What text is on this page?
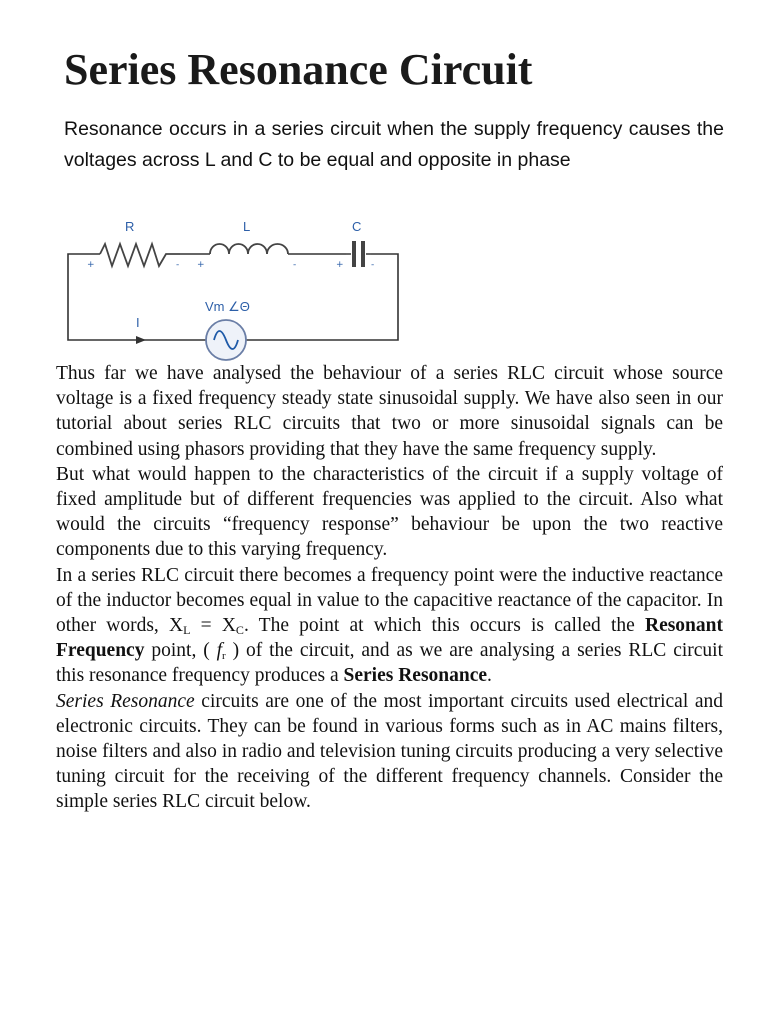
Series Resonance Circuit

Resonance occurs in a series circuit when the supply frequency causes the voltages across L and C to be equal and opposite in phase

R	L	C
I
Vm ∠Θ
+	- +	-	+	-

Thus far we have analysed the behaviour of a series RLC circuit whose source voltage is a fixed frequency steady state sinusoidal supply. We have also seen in our tutorial about series RLC circuits that two or more sinusoidal signals can be combined using phasors providing that they have the same frequency supply.

But what would happen to the characteristics of the circuit if a supply voltage of fixed amplitude but of different frequencies was applied to the circuit. Also what would the circuits “frequency response” behaviour be upon the two reactive components due to this varying frequency.

In a series RLC circuit there becomes a frequency point were the inductive reactance of the inductor becomes equal in value to the capacitive reactance of the capacitor. In other words, $X_L = X_C$. The point at which this occurs is called the Resonant Frequency point, ( $f_r$ ) of the circuit, and as we are analysing a series RLC circuit this resonance frequency produces a Series Resonance.

Series Resonance circuits are one of the most important circuits used electrical and electronic circuits. They can be found in various forms such as in AC mains filters, noise filters and also in radio and television tuning circuits producing a very selective tuning circuit for the receiving of the different frequency channels. Consider the simple series RLC circuit below.
